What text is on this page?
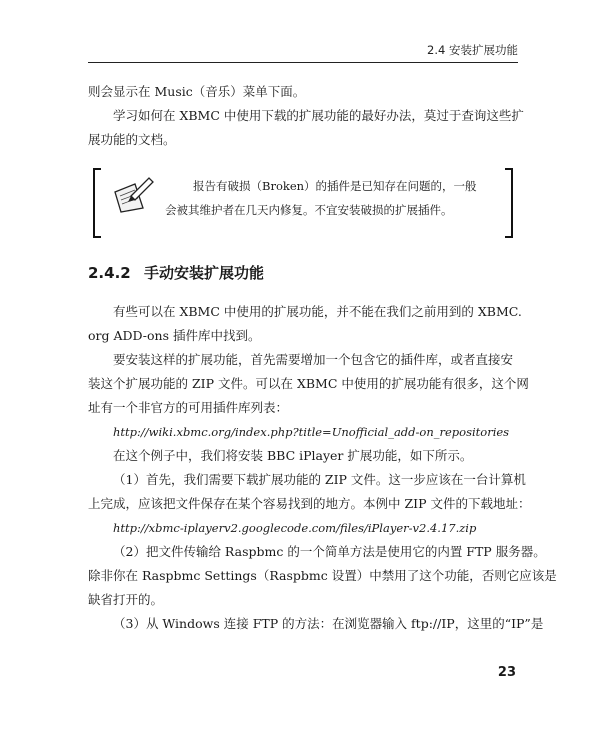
2.4 安装扩展功能

则会显示在 Music（音乐）菜单下面。

学习如何在 XBMC 中使用下载的扩展功能的最好办法，莫过于查询这些扩
展功能的文档。

报告有破损（Broken）的插件是已知存在问题的，一般
会被其维护者在几天内修复。不宜安装破损的扩展插件。
2.4.2 手动安装扩展功能

有些可以在 XBMC 中使用的扩展功能，并不能在我们之前用到的 XBMC.
org ADD-ons 插件库中找到。

要安装这样的扩展功能，首先需要增加一个包含它的插件库，或者直接安
装这个扩展功能的 ZIP 文件。可以在 XBMC 中使用的扩展功能有很多，这个网
址有一个非官方的可用插件库列表：

http://wiki.xbmc.org/index.php?title=Unofficial_add-on_repositories

在这个例子中，我们将安装 BBC iPlayer 扩展功能，如下所示。

（1）首先，我们需要下载扩展功能的 ZIP 文件。这一步应该在一台计算机
上完成，应该把文件保存在某个容易找到的地方。本例中 ZIP 文件的下载地址：

http://xbmc-iplayerv2.googlecode.com/files/iPlayer-v2.4.17.zip

（2）把文件传输给 Raspbmc 的一个简单方法是使用它的内置 FTP 服务器。
除非你在 Raspbmc Settings（Raspbmc 设置）中禁用了这个功能，否则它应该是
缺省打开的。

（3）从 Windows 连接 FTP 的方法：在浏览器输入 ftp://IP，这里的“IP”是

23
